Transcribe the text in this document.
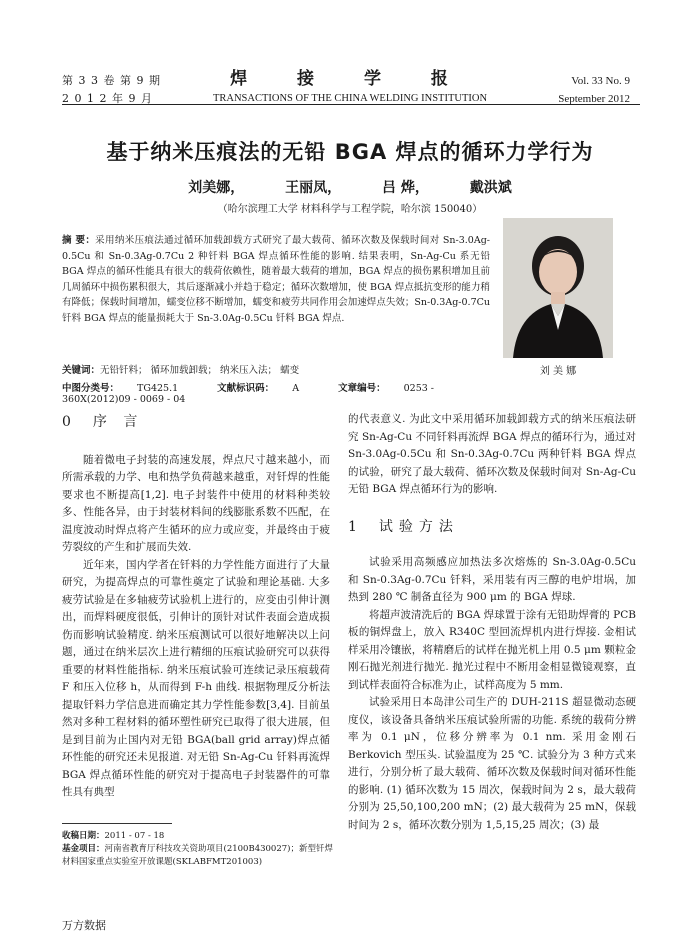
第 3 3 卷 第 9 期
2 0 1 2 年 9 月
焊 接 学 报
TRANSACTIONS OF THE CHINA WELDING INSTITUTION
Vol. 33 No. 9
September 2012
基于纳米压痕法的无铅 BGA 焊点的循环力学行为
刘美娜，	王丽凤，	吕 烨，	戴洪斌
（哈尔滨理工大学 材料科学与工程学院，哈尔滨 150040）
摘 要：采用纳米压痕法通过循环加载卸载方式研究了最大载荷、循环次数及保载时间对 Sn-3.0Ag-0.5Cu 和 Sn-0.3Ag-0.7Cu 2 种钎料 BGA 焊点循环性能的影响. 结果表明，Sn-Ag-Cu 系无铅 BGA 焊点的循环性能具有很大的载荷依赖性，随着最大载荷的增加，BGA 焊点的损伤累积增加且前几周循环中损伤累积很大，其后逐渐减小并趋于稳定；循环次数增加，使 BGA 焊点抵抗变形的能力稍有降低；保载时间增加，蠕变位移不断增加，蠕变和疲劳共同作用会加速焊点失效；Sn-0.3Ag-0.7Cu 钎料 BGA 焊点的能量损耗大于 Sn-3.0Ag-0.5Cu 钎料 BGA 焊点.
关键词：无铅钎料； 循环加载卸载； 纳米压入法； 蠕变
中图分类号： TG425.1	文献标识码： A	文章编号： 0253 - 360X(2012)09 - 0069 - 04
刘 美 娜
0 序 言

随着微电子封装的高速发展，焊点尺寸越来越小，而所需承载的力学、电和热学负荷越来越重，对钎焊的性能要求也不断提高[1,2]. 电子封装件中使用的材料种类较多、性能各异，由于封装材料间的线膨胀系数不匹配，在温度波动时焊点将产生循环的应力或应变，并最终由于疲劳裂纹的产生和扩展而失效.

近年来，国内学者在钎料的力学性能方面进行了大量研究，为提高焊点的可靠性奠定了试验和理论基础. 大多疲劳试验是在多轴疲劳试验机上进行的，应变由引伸计测出，而焊料硬度很低，引伸计的顶针对试件表面会造成损伤而影响试验精度. 纳米压痕测试可以很好地解决以上问题，通过在纳米层次上进行精细的压痕试验研究可以获得重要的材料性能指标. 纳米压痕试验可连续记录压痕载荷 F 和压入位移 h，从而得到 F-h 曲线. 根据物理反分析法提取钎料力学信息进而确定其力学性能参数[3,4]. 目前虽然对多种工程材料的循环塑性研究已取得了很大进展，但是到目前为止国内对无铅 BGA(ball grid array)焊点循环性能的研究还未见报道. 对无铅 Sn-Ag-Cu 钎料再流焊 BGA 焊点循环性能的研究对于提高电子封装器件的可靠性具有典型

收稿日期：2011 - 07 - 18
基金项目：河南省教育厅科技攻关资助项目(2100B430027)；新型钎焊材料国家重点实验室开放课题(SKLABFMT201003)

的代表意义. 为此文中采用循环加载卸载方式的纳米压痕法研究 Sn-Ag-Cu 不同钎料再流焊 BGA 焊点的循环行为，通过对 Sn-3.0Ag-0.5Cu 和 Sn-0.3Ag-0.7Cu 两种钎料 BGA 焊点的试验，研究了最大载荷、循环次数及保载时间对 Sn-Ag-Cu 无铅 BGA 焊点循环行为的影响.

1 试验方法

试验采用高频感应加热法多次熔炼的 Sn-3.0Ag-0.5Cu 和 Sn-0.3Ag-0.7Cu 钎料，采用装有丙三醇的电炉坩埚，加热到 280 ℃ 制备直径为 900 μm 的 BGA 焊球.

将超声波清洗后的 BGA 焊球置于涂有无铅助焊膏的 PCB 板的铜焊盘上，放入 R340C 型回流焊机内进行焊接. 金相试样采用冷镶嵌，将精磨后的试样在抛光机上用 0.5 μm 颗粒金刚石抛光剂进行抛光. 抛光过程中不断用金相显微镜观察，直到试样表面符合标准为止，试样高度为 5 mm.

试验采用日本岛津公司生产的 DUH-211S 超显微动态硬度仪，该设备具备纳米压痕试验所需的功能. 系统的载荷分辨率为 0.1 μN，位移分辨率为 0.1 nm. 采用金刚石 Berkovich 型压头. 试验温度为 25 ℃. 试验分为 3 种方式来进行，分别分析了最大载荷、循环次数及保载时间对循环性能的影响. (1) 循环次数为 15 周次，保载时间为 2 s，最大载荷分别为 25,50,100,200 mN；(2) 最大载荷为 25 mN，保载时间为 2 s，循环次数分别为 1,5,15,25 周次；(3) 最

万方数据
